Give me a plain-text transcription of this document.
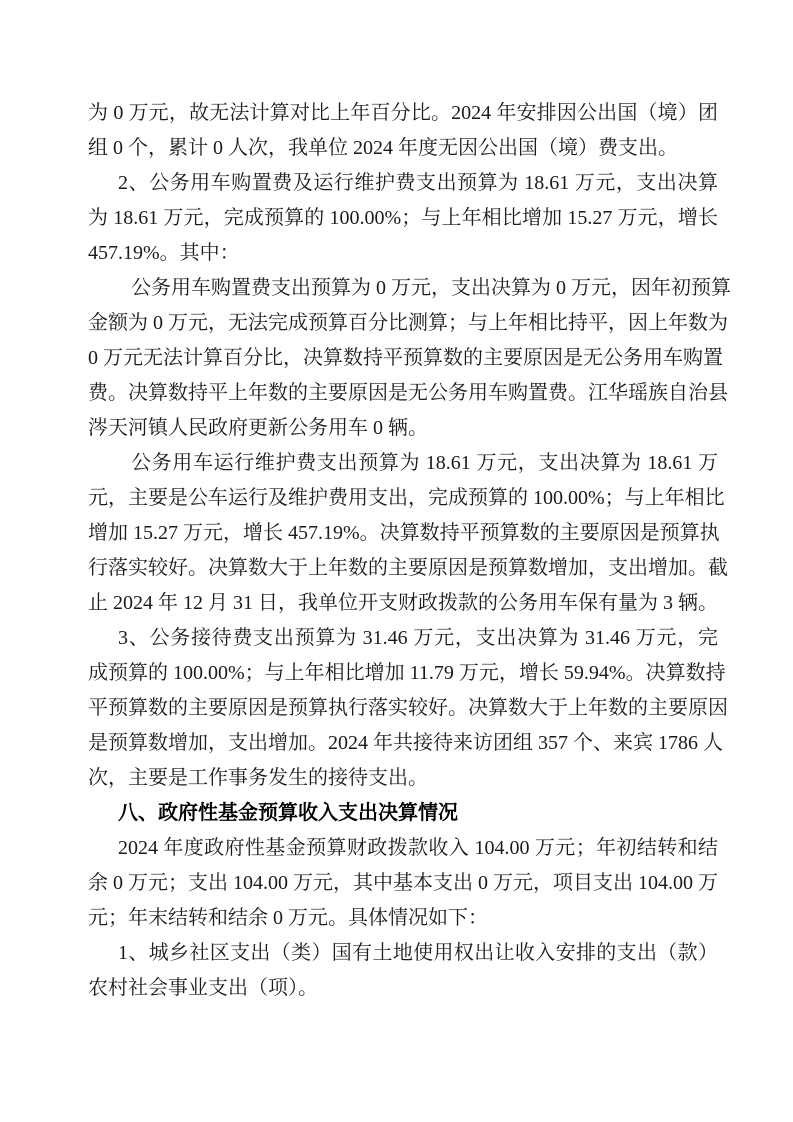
为 0 万元，故无法计算对比上年百分比。2024 年安排因公出国（境）团

组 0 个，累计 0 人次，我单位 2024 年度无因公出国（境）费支出。

2、公务用车购置费及运行维护费支出预算为 18.61 万元，支出决算

为 18.61 万元，完成预算的 100.00%；与上年相比增加 15.27 万元，增长

457.19%。其中：

公务用车购置费支出预算为 0 万元，支出决算为 0 万元，因年初预算

金额为 0 万元，无法完成预算百分比测算；与上年相比持平，因上年数为

0 万元无法计算百分比，决算数持平预算数的主要原因是无公务用车购置

费。决算数持平上年数的主要原因是无公务用车购置费。江华瑶族自治县

涔天河镇人民政府更新公务用车 0 辆。

公务用车运行维护费支出预算为 18.61 万元，支出决算为 18.61 万

元，主要是公车运行及维护费用支出，完成预算的 100.00%；与上年相比

增加 15.27 万元，增长 457.19%。决算数持平预算数的主要原因是预算执

行落实较好。决算数大于上年数的主要原因是预算数增加，支出增加。截

止 2024 年 12 月 31 日，我单位开支财政拨款的公务用车保有量为 3 辆。

3、公务接待费支出预算为 31.46 万元，支出决算为 31.46 万元，完

成预算的 100.00%；与上年相比增加 11.79 万元，增长 59.94%。决算数持

平预算数的主要原因是预算执行落实较好。决算数大于上年数的主要原因

是预算数增加，支出增加。2024 年共接待来访团组 357 个、来宾 1786 人

次，主要是工作事务发生的接待支出。

八、政府性基金预算收入支出决算情况

2024 年度政府性基金预算财政拨款收入 104.00 万元；年初结转和结

余 0 万元；支出 104.00 万元，其中基本支出 0 万元，项目支出 104.00 万

元；年末结转和结余 0 万元。具体情况如下：

1、城乡社区支出（类）国有土地使用权出让收入安排的支出（款）

农村社会事业支出（项）。
